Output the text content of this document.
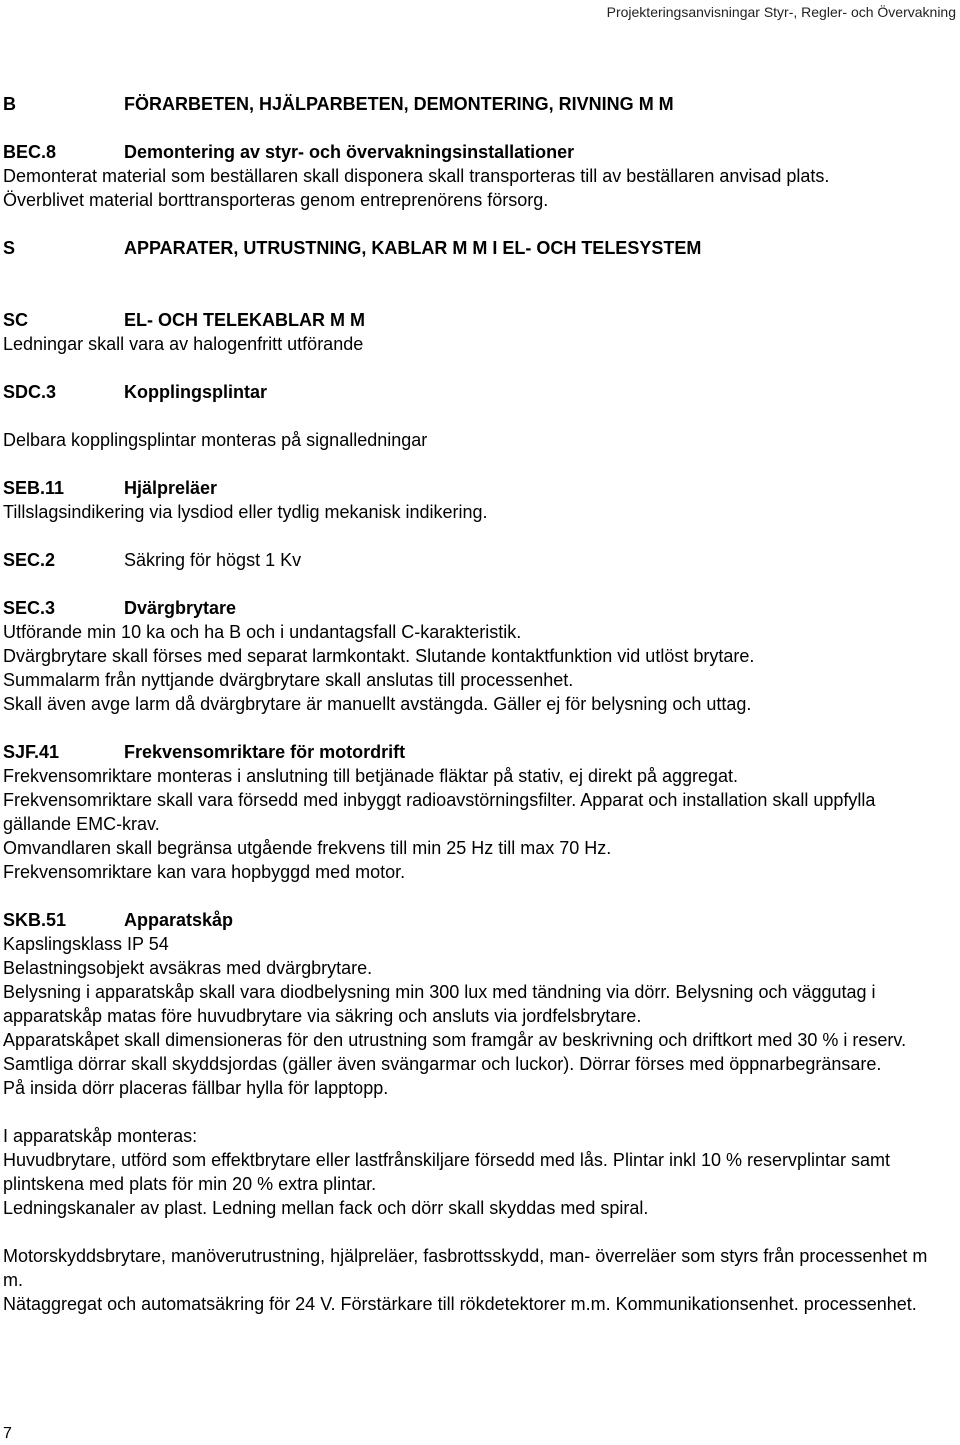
Projekteringsanvisningar Styr-, Regler- och Övervakning
B	FÖRARBETEN, HJÄLPARBETEN, DEMONTERING, RIVNING M M
BEC.8	Demontering av styr- och övervakningsinstallationer
Demonterat material som beställaren skall disponera skall transporteras till av beställaren anvisad plats.
Överblivet material borttransporteras genom entreprenörens försorg.
S	APPARATER, UTRUSTNING, KABLAR M M I EL- OCH TELESYSTEM
SC	EL- OCH TELEKABLAR M M
Ledningar skall vara av halogenfritt utförande
SDC.3	Kopplingsplintar
Delbara kopplingsplintar monteras på signalledningar
SEB.11	Hjälpreläer
Tillslagsindikering via lysdiod eller tydlig mekanisk indikering.
SEC.2	Säkring för högst 1 Kv
SEC.3	Dvärgbrytare
Utförande min 10 ka och ha B och i undantagsfall C-karakteristik.
Dvärgbrytare skall förses med separat larmkontakt. Slutande kontaktfunktion vid utlöst brytare.
Summalarm från nyttjande dvärgbrytare skall anslutas till processenhet.
Skall även avge larm då dvärgbrytare är manuellt avstängda. Gäller ej för belysning och uttag.
SJF.41	Frekvensomriktare för motordrift
Frekvensomriktare monteras i anslutning till betjänade fläktar på stativ, ej direkt på aggregat.
Frekvensomriktare skall vara försedd med inbyggt radioavstörningsfilter. Apparat och installation skall uppfylla gällande EMC-krav.
Omvandlaren skall begränsa utgående frekvens till min 25 Hz till max 70 Hz.
Frekvensomriktare kan vara hopbyggd med motor.
SKB.51	Apparatskåp
Kapslingsklass IP 54
Belastningsobjekt avsäkras med dvärgbrytare.
Belysning i apparatskåp skall vara diodbelysning min 300 lux med tändning via dörr. Belysning och väggutag i apparatskåp matas före huvudbrytare via säkring och ansluts via jordfelsbrytare.
Apparatskåpet skall dimensioneras för den utrustning som framgår av beskrivning och driftkort med 30 % i reserv.
Samtliga dörrar skall skyddsjordas (gäller även svängarmar och luckor). Dörrar förses med öppnarbegränsare.
På insida dörr placeras fällbar hylla för lapptopp.
I apparatskåp monteras:
Huvudbrytare, utförd som effektbrytare eller lastfrånskiljare försedd med lås. Plintar inkl 10 % reservplintar samt plintskena med plats för min 20 % extra plintar.
Ledningskanaler av plast. Ledning mellan fack och dörr skall skyddas med spiral.
Motorskyddsbrytare, manöverutrustning, hjälpreläer, fasbrottsskydd, man- överreläer som styrs från processenhet m m.
Nätaggregat och automatsäkring för 24 V. Förstärkare till rökdetektorer m.m. Kommunikationsenhet. processenhet.
7
